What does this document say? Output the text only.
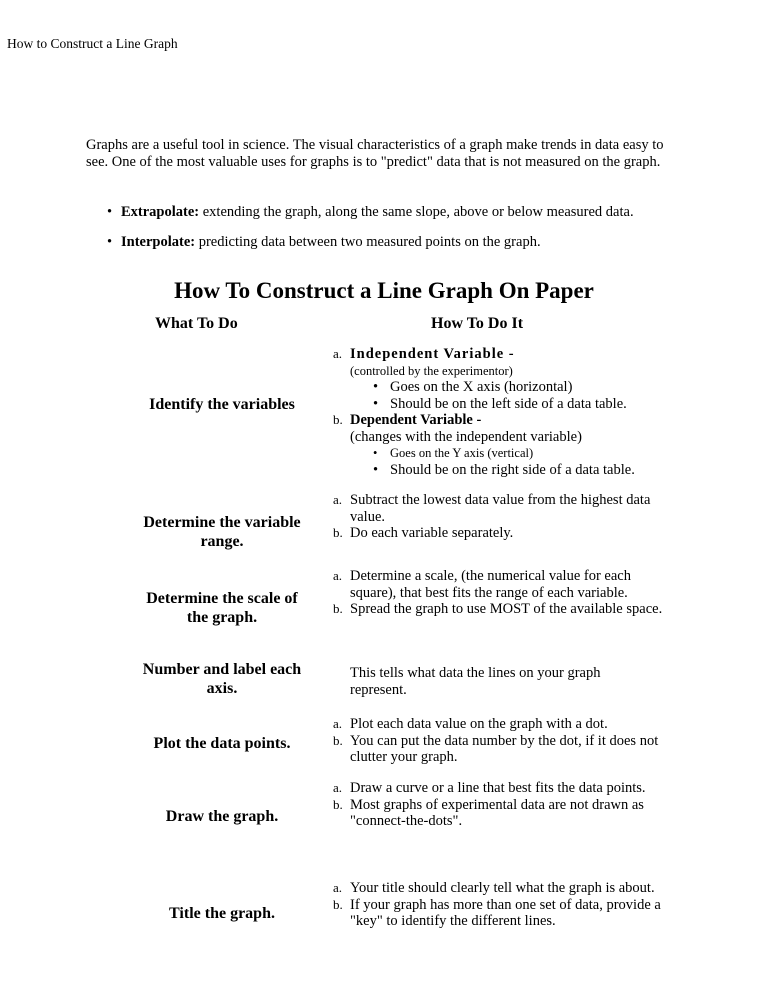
How to Construct a Line Graph
Graphs are a useful tool in science. The visual characteristics of a graph make trends in data easy to see. One of the most valuable uses for graphs is to "predict" data that is not measured on the graph.
• Extrapolate: extending the graph, along the same slope, above or below measured data.
• Interpolate: predicting data between two measured points on the graph.
How To Construct a Line Graph On Paper
What To Do	How To Do It
Identify the variables
a. Independent Variable -
(controlled by the experimentor)
• Goes on the X axis (horizontal)
• Should be on the left side of a data table.
b. Dependent Variable -
(changes with the independent variable)
• Goes on the Y axis (vertical)
• Should be on the right side of a data table.
Determine the variable range.
a. Subtract the lowest data value from the highest data value.
b. Do each variable separately.
Determine the scale of the graph.
a. Determine a scale, (the numerical value for each square), that best fits the range of each variable.
b. Spread the graph to use MOST of the available space.
Number and label each axis.
This tells what data the lines on your graph represent.
Plot the data points.
a. Plot each data value on the graph with a dot.
b. You can put the data number by the dot, if it does not clutter your graph.
Draw the graph.
a. Draw a curve or a line that best fits the data points.
b. Most graphs of experimental data are not drawn as "connect-the-dots".
Title the graph.
a. Your title should clearly tell what the graph is about.
b. If your graph has more than one set of data, provide a "key" to identify the different lines.
